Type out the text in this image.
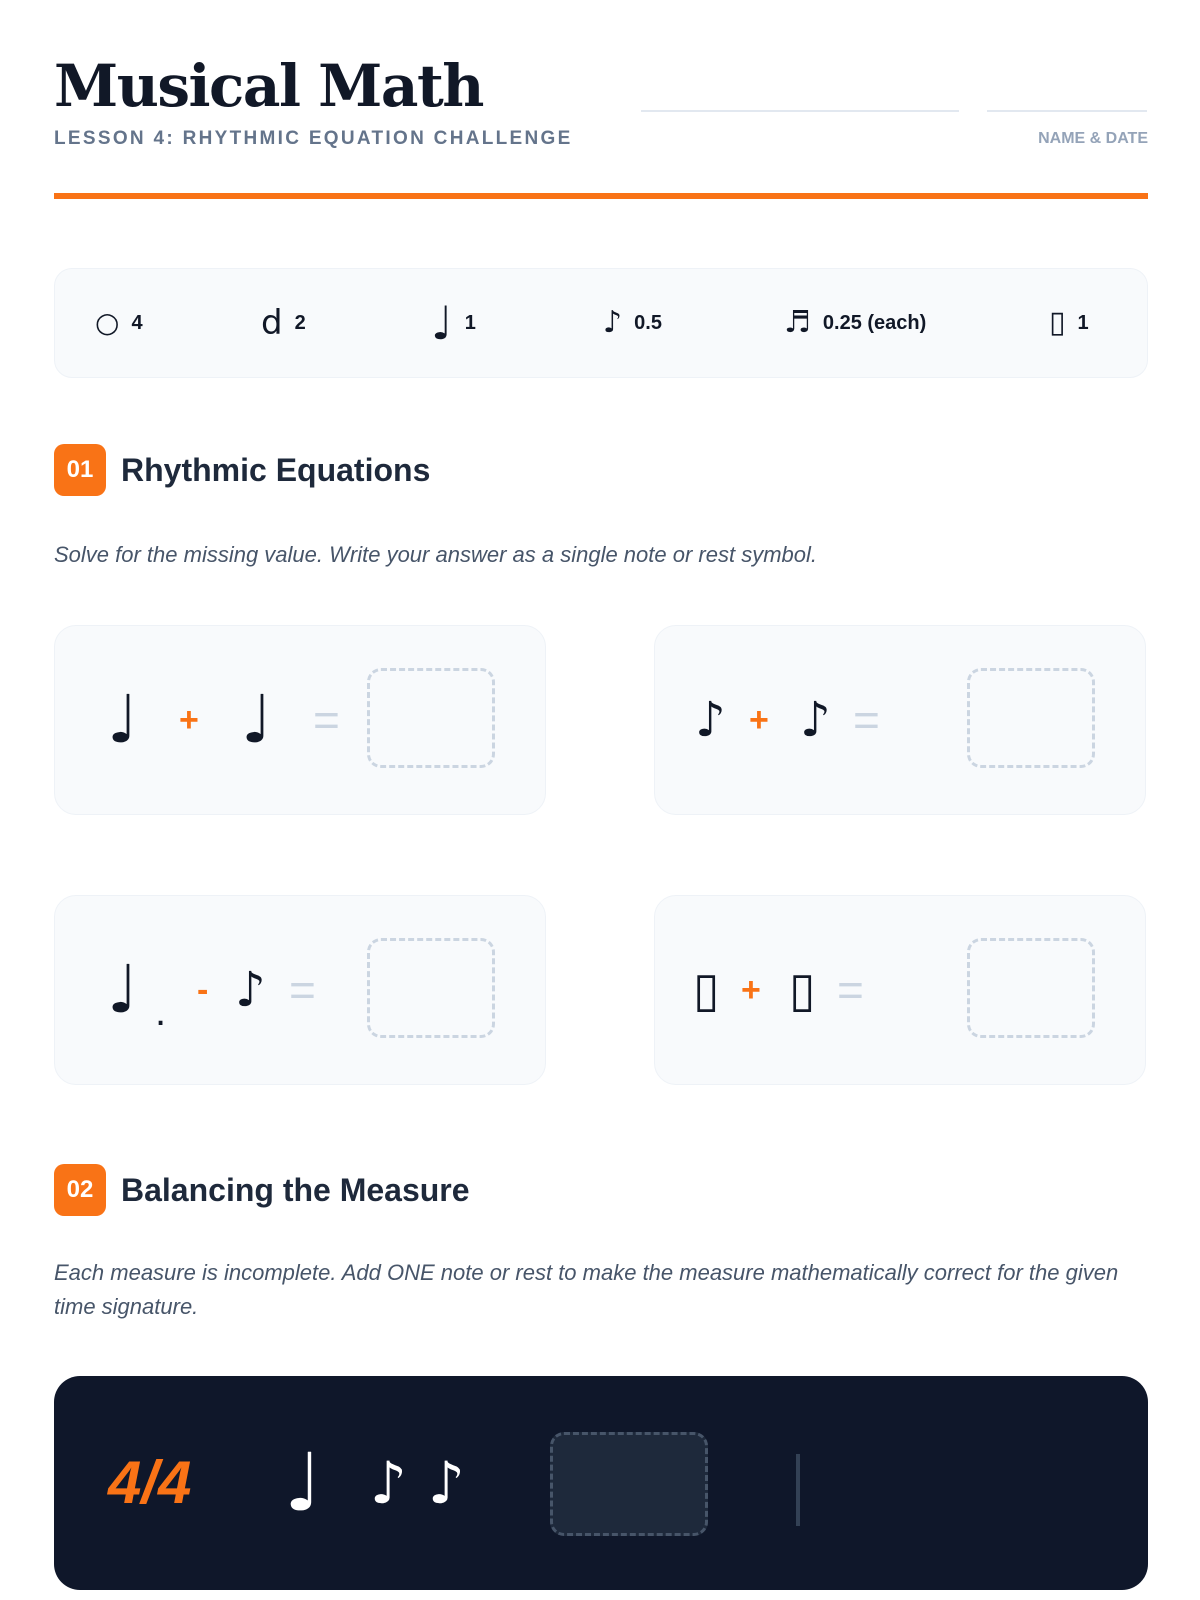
Musical Math
LESSON 4: RHYTHMIC EQUATION CHALLENGE	NAME & DATE
○ 4	d 2	♩ 1	♪ 0.5	♬ 0.25 (each)	▯ 1
01 Rhythmic Equations

Solve for the missing value. Write your answer as a single note or rest symbol.

♩ + ♩ =	♪ + ♪ =
♩ . - ♪ =	▯ + ▯ =
02 Balancing the Measure

Each measure is incomplete. Add ONE note or rest to make the measure mathematically correct for the given time signature.

4/4 ♩ ♪ ♪
